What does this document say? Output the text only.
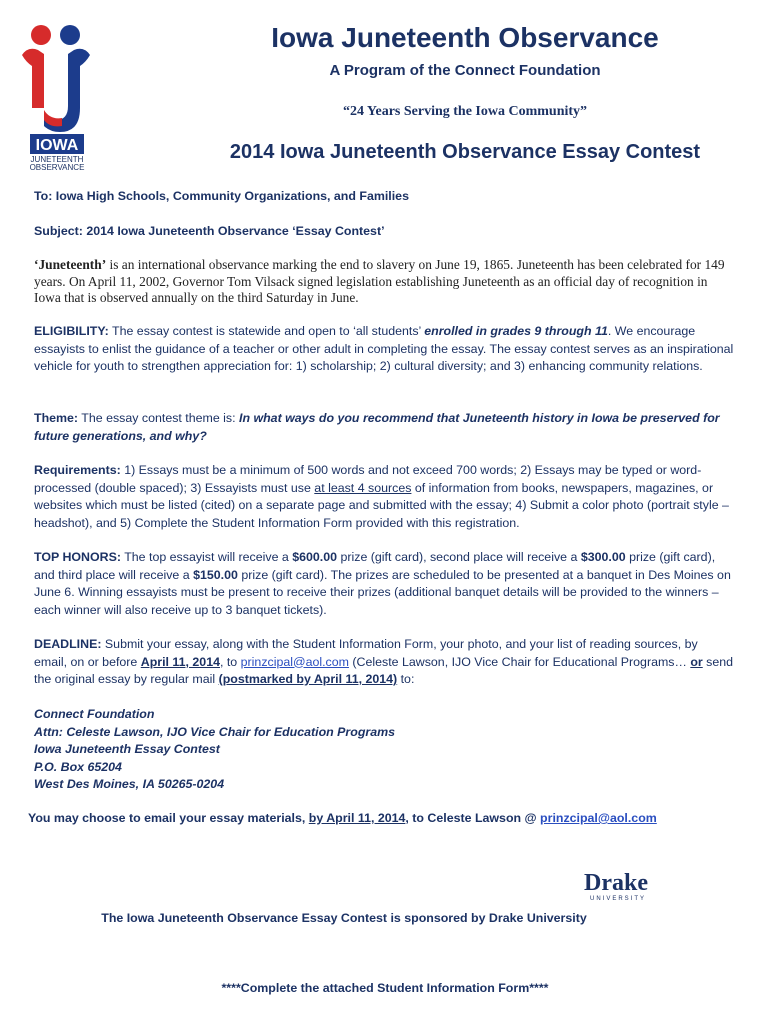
IOWA
JUNETEENTH
OBSERVANCE
Iowa Juneteenth Observance
A Program of the Connect Foundation
“24 Years Serving the Iowa Community”
2014 Iowa Juneteenth Observance Essay Contest
To: Iowa High Schools, Community Organizations, and Families
Subject: 2014 Iowa Juneteenth Observance ‘Essay Contest’
‘Juneteenth’ is an international observance marking the end to slavery on June 19, 1865. Juneteenth has been celebrated for 149 years. On April 11, 2002, Governor Tom Vilsack signed legislation establishing Juneteenth as an official day of recognition in Iowa that is observed annually on the third Saturday in June.
ELIGIBILITY: The essay contest is statewide and open to ‘all students’ enrolled in grades 9 through 11. We encourage essayists to enlist the guidance of a teacher or other adult in completing the essay. The essay contest serves as an inspirational vehicle for youth to strengthen appreciation for: 1) scholarship; 2) cultural diversity; and 3) enhancing community relations.
Theme: The essay contest theme is: In what ways do you recommend that Juneteenth history in Iowa be preserved for future generations, and why?
Requirements: 1) Essays must be a minimum of 500 words and not exceed 700 words; 2) Essays may be typed or word-processed (double spaced); 3) Essayists must use at least 4 sources of information from books, newspapers, magazines, or websites which must be listed (cited) on a separate page and submitted with the essay; 4) Submit a color photo (portrait style – headshot), and 5) Complete the Student Information Form provided with this registration.
TOP HONORS: The top essayist will receive a $600.00 prize (gift card), second place will receive a $300.00 prize (gift card), and third place will receive a $150.00 prize (gift card). The prizes are scheduled to be presented at a banquet in Des Moines on June 6. Winning essayists must be present to receive their prizes (additional banquet details will be provided to the winners – each winner will also receive up to 3 banquet tickets).
DEADLINE: Submit your essay, along with the Student Information Form, your photo, and your list of reading sources, by email, on or before April 11, 2014, to prinzcipal@aol.com (Celeste Lawson, IJO Vice Chair for Educational Programs… or send the original essay by regular mail (postmarked by April 11, 2014) to:
Connect Foundation
Attn: Celeste Lawson, IJO Vice Chair for Education Programs
Iowa Juneteenth Essay Contest
P.O. Box 65204
West Des Moines, IA 50265-0204
You may choose to email your essay materials, by April 11, 2014, to Celeste Lawson @ prinzcipal@aol.com
Drake
UNIVERSITY
The Iowa Juneteenth Observance Essay Contest is sponsored by Drake University
****Complete the attached Student Information Form****
